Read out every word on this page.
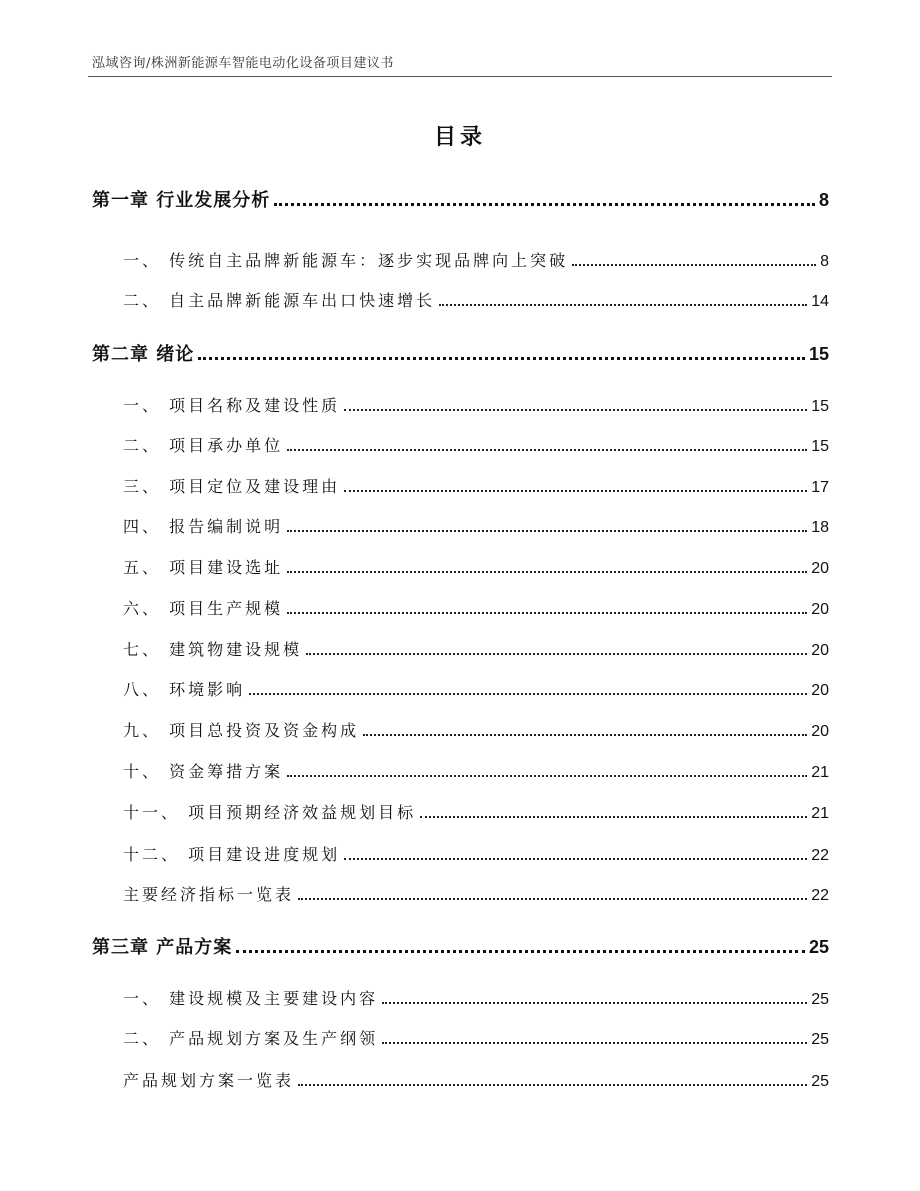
泓域咨询/株洲新能源车智能电动化设备项目建议书
目录
第一章 行业发展分析	8
一、 传统自主品牌新能源车：逐步实现品牌向上突破	8
二、 自主品牌新能源车出口快速增长	14
第二章 绪论	15
一、 项目名称及建设性质	15
二、 项目承办单位	15
三、 项目定位及建设理由	17
四、 报告编制说明	18
五、 项目建设选址	20
六、 项目生产规模	20
七、 建筑物建设规模	20
八、 环境影响	20
九、 项目总投资及资金构成	20
十、 资金筹措方案	21
十一、 项目预期经济效益规划目标	21
十二、 项目建设进度规划	22
主要经济指标一览表	22
第三章 产品方案	25
一、 建设规模及主要建设内容	25
二、 产品规划方案及生产纲领	25
产品规划方案一览表	25
